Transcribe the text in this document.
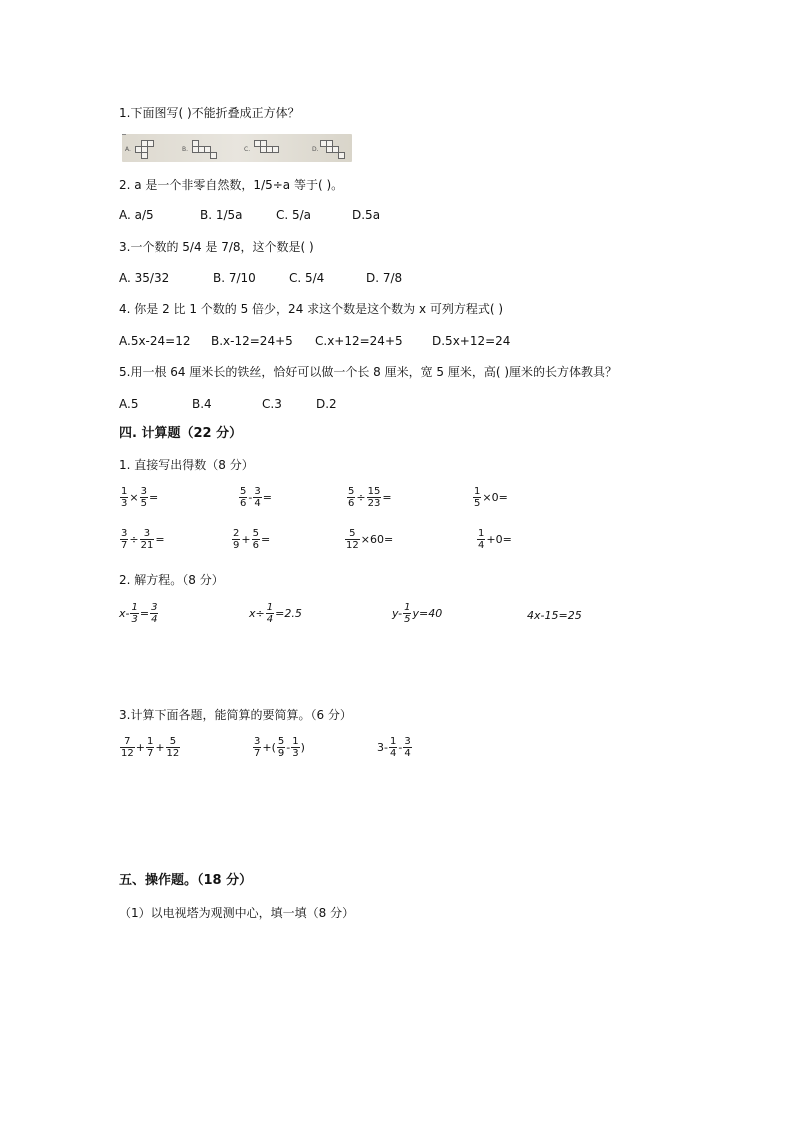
1.下面图写( )不能折叠成正方体？
A.	B.	C.	D.
2. a 是一个非零自然数，1/5÷a 等于( )。
A. a/5	B. 1/5a	C. 5/a	D.5a
3.一个数的 5/4 是 7/8，这个数是( )
A. 35/32	B. 7/10	C. 5/4	D. 7/8
4. 你是 2 比 1 个数的 5 倍少，24 求这个数是这个数为 x 可列方程式( )
A.5x-24=12 B.x-12=24+5 C.x+12=24+5 D.5x+12=24
5.用一根 64 厘米长的铁丝，恰好可以做一个长 8 厘米，宽 5 厘米，高( )厘米的长方体教具？
A.5	B.4	C.3	D.2
四. 计算题（22 分）
1. 直接写出得数（8 分）
$\frac{1}{3} \times \frac{3}{5}$ =	$\frac{5}{6} - \frac{3}{4}$ =	$\frac{5}{6} \div \frac{15}{23}$ =	$\frac{1}{5} \times 0=$
$\frac{3}{7} \div \frac{3}{21}$ =	$\frac{2}{9} + \frac{5}{6}$ =	$\frac{5}{12} \times 60=$	$\frac{1}{4} +0=$
2. 解方程。（8 分）
$x- \frac{1}{3} = \frac{3}{4}$	$x\div \frac{1}{4} =2.5$	$y- \frac{1}{5} y=40$	4x-15=25
3.计算下面各题，能简算的要简算。（6 分）
$\frac{7}{12} + \frac{1}{7} + \frac{5}{12}$	$\frac{3}{7}$ +( $\frac{5}{9} - \frac{1}{3}$ )	$3- \frac{1}{4} - \frac{3}{4}$
五、操作题。（18 分）
（1）以电视塔为观测中心，填一填（8 分）
